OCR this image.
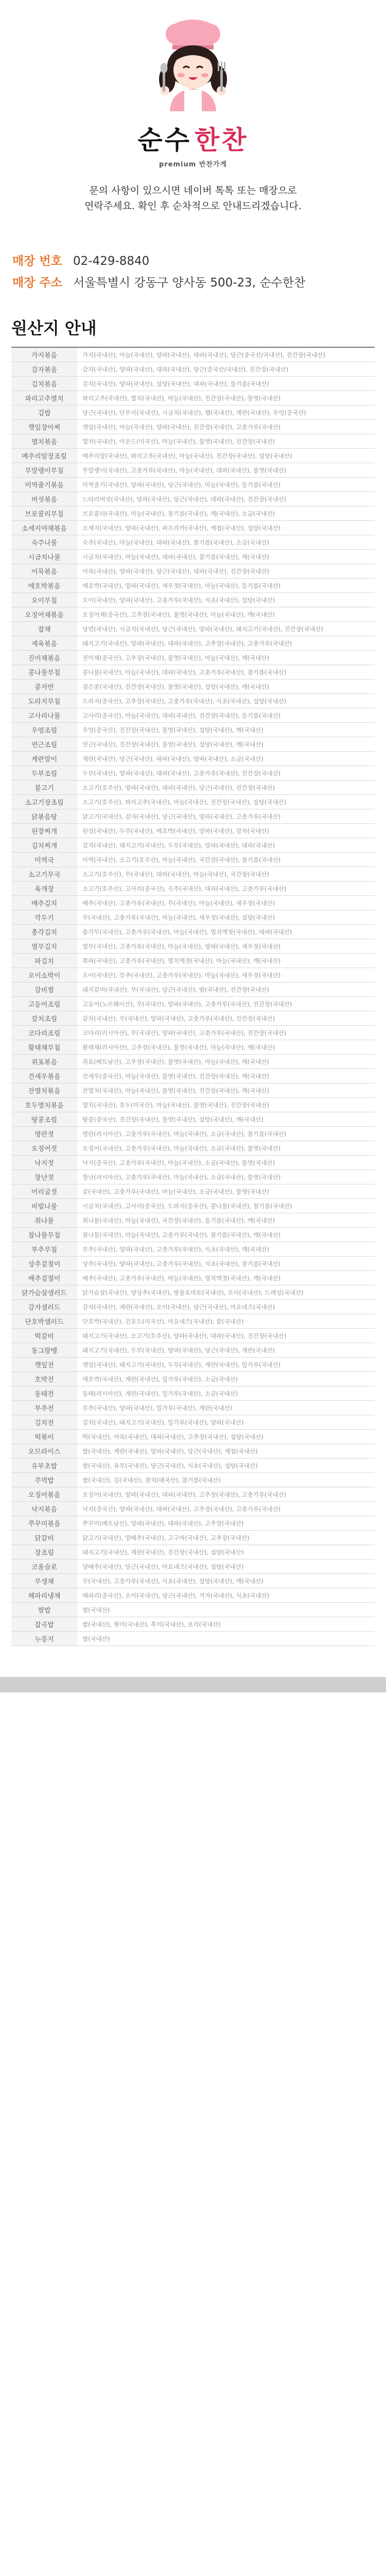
순수 한찬
premium 반찬가게
문의 사항이 있으시면 네이버 톡톡 또는 매장으로
연락주세요. 확인 후 순차적으로 안내드리겠습니다.
매장 번호 02-429-8840
매장 주소 서울특별시 강동구 양사동 500-23, 순수한찬
원산지 안내
가지볶음	가지(국내산), 마늘(국내산), 양파(국내산), 대파(국내산), 당근(중국산/국내산), 진간장(국내산)
감자볶음	감자(국내산), 양파(국내산), 대파(국내산), 당근(중국산/국내산), 진간장(국내산)
김치볶음	김치(국내산), 양파(국내산), 설탕(국내산), 대파(국내산), 들기름(국내산)
꽈리고추멸치	꽈리고추(국내산), 멸치(국내산), 마늘(국내산), 진간장(국내산), 물엿(국내산)
김밥	당근(국내산), 단무지(국내산), 시금치(국내산), 햄(국내산), 계란(국내산), 우엉(중국산)
깻잎장아찌	깻잎(국내산), 마늘(국내산), 양파(국내산), 진간장(국내산), 고춧가루(국내산)
멸치볶음	멸치(국내산), 아몬드(미국산), 마늘(국내산), 물엿(국내산), 진간장(국내산)
메추리알장조림	메추리알(국내산), 꽈리고추(국내산), 마늘(국내산), 진간장(국내산), 설탕(국내산)
무말랭이무침	무말랭이(국내산), 고춧가루(국내산), 마늘(국내산), 대파(국내산), 물엿(국내산)
미역줄기볶음	미역줄기(국내산), 양파(국내산), 당근(국내산), 마늘(국내산), 들기름(국내산)
버섯볶음	느타리버섯(국내산), 양파(국내산), 당근(국내산), 대파(국내산), 진간장(국내산)
브로콜리무침	브로콜리(국내산), 마늘(국내산), 참기름(국내산), 깨(국내산), 소금(국내산)
소세지야채볶음	소세지(국내산), 양파(국내산), 파프리카(국내산), 케첩(국내산), 설탕(국내산)
숙주나물	숙주(국내산), 마늘(국내산), 대파(국내산), 참기름(국내산), 소금(국내산)
시금치나물	시금치(국내산), 마늘(국내산), 대파(국내산), 참기름(국내산), 깨(국내산)
어묵볶음	어묵(국내산), 양파(국내산), 당근(국내산), 대파(국내산), 진간장(국내산)
애호박볶음	애호박(국내산), 양파(국내산), 새우젓(국내산), 마늘(국내산), 들기름(국내산)
오이무침	오이(국내산), 양파(국내산), 고춧가루(국내산), 식초(국내산), 설탕(국내산)
오징어채볶음	오징어채(중국산), 고추장(국내산), 물엿(국내산), 마늘(국내산), 깨(국내산)
잡채	당면(국내산), 시금치(국내산), 당근(국내산), 양파(국내산), 돼지고기(국내산), 진간장(국내산)
제육볶음	돼지고기(국내산), 양파(국내산), 대파(국내산), 고추장(국내산), 고춧가루(국내산)
진미채볶음	진미채(중국산), 고추장(국내산), 물엿(국내산), 마늘(국내산), 깨(국내산)
콩나물무침	콩나물(국내산), 마늘(국내산), 대파(국내산), 고춧가루(국내산), 참기름(국내산)
콩자반	검은콩(국내산), 진간장(국내산), 물엿(국내산), 설탕(국내산), 깨(국내산)
도라지무침	도라지(중국산), 고추장(국내산), 고춧가루(국내산), 식초(국내산), 설탕(국내산)
고사리나물	고사리(중국산), 마늘(국내산), 대파(국내산), 진간장(국내산), 들기름(국내산)
우엉조림	우엉(중국산), 진간장(국내산), 물엿(국내산), 설탕(국내산), 깨(국내산)
연근조림	연근(국내산), 진간장(국내산), 물엿(국내산), 설탕(국내산), 깨(국내산)
계란말이	계란(국내산), 당근(국내산), 대파(국내산), 양파(국내산), 소금(국내산)
두부조림	두부(국내산), 양파(국내산), 대파(국내산), 고춧가루(국내산), 진간장(국내산)
불고기	소고기(호주산), 양파(국내산), 대파(국내산), 당근(국내산), 진간장(국내산)
소고기장조림	소고기(호주산), 꽈리고추(국내산), 마늘(국내산), 진간장(국내산), 설탕(국내산)
닭볶음탕	닭고기(국내산), 감자(국내산), 당근(국내산), 양파(국내산), 고춧가루(국내산)
된장찌개	된장(국내산), 두부(국내산), 애호박(국내산), 양파(국내산), 감자(국내산)
김치찌개	김치(국내산), 돼지고기(국내산), 두부(국내산), 양파(국내산), 대파(국내산)
미역국	미역(국내산), 소고기(호주산), 마늘(국내산), 국간장(국내산), 참기름(국내산)
소고기무국	소고기(호주산), 무(국내산), 대파(국내산), 마늘(국내산), 국간장(국내산)
육개장	소고기(호주산), 고사리(중국산), 숙주(국내산), 대파(국내산), 고춧가루(국내산)
배추김치	배추(국내산), 고춧가루(국내산), 무(국내산), 마늘(국내산), 새우젓(국내산)
깍두기	무(국내산), 고춧가루(국내산), 마늘(국내산), 새우젓(국내산), 설탕(국내산)
총각김치	총각무(국내산), 고춧가루(국내산), 마늘(국내산), 멸치액젓(국내산), 대파(국내산)
열무김치	열무(국내산), 고춧가루(국내산), 마늘(국내산), 양파(국내산), 새우젓(국내산)
파김치	쪽파(국내산), 고춧가루(국내산), 멸치액젓(국내산), 마늘(국내산), 깨(국내산)
오이소박이	오이(국내산), 부추(국내산), 고춧가루(국내산), 마늘(국내산), 새우젓(국내산)
갈비찜	돼지갈비(국내산), 무(국내산), 당근(국내산), 밤(국내산), 진간장(국내산)
고등어조림	고등어(노르웨이산), 무(국내산), 양파(국내산), 고춧가루(국내산), 진간장(국내산)
갈치조림	갈치(국내산), 무(국내산), 양파(국내산), 고춧가루(국내산), 진간장(국내산)
코다리조림	코다리(러시아산), 무(국내산), 양파(국내산), 고춧가루(국내산), 진간장(국내산)
황태채무침	황태채(러시아산), 고추장(국내산), 물엿(국내산), 마늘(국내산), 깨(국내산)
쥐포볶음	쥐포(베트남산), 고추장(국내산), 물엿(국내산), 마늘(국내산), 깨(국내산)
건새우볶음	건새우(중국산), 마늘(국내산), 물엿(국내산), 진간장(국내산), 깨(국내산)
잔멸치볶음	잔멸치(국내산), 마늘(국내산), 물엿(국내산), 진간장(국내산), 깨(국내산)
호두멸치볶음	멸치(국내산), 호두(미국산), 마늘(국내산), 물엿(국내산), 진간장(국내산)
땅콩조림	땅콩(중국산), 진간장(국내산), 물엿(국내산), 설탕(국내산), 깨(국내산)
명란젓	명란(러시아산), 고춧가루(국내산), 마늘(국내산), 소금(국내산), 참기름(국내산)
오징어젓	오징어(국내산), 고춧가루(국내산), 마늘(국내산), 소금(국내산), 물엿(국내산)
낙지젓	낙지(중국산), 고춧가루(국내산), 마늘(국내산), 소금(국내산), 물엿(국내산)
창난젓	창난(러시아산), 고춧가루(국내산), 마늘(국내산), 소금(국내산), 물엿(국내산)
어리굴젓	굴(국내산), 고춧가루(국내산), 마늘(국내산), 소금(국내산), 물엿(국내산)
비빔나물	시금치(국내산), 고사리(중국산), 도라지(중국산), 콩나물(국내산), 참기름(국내산)
취나물	취나물(국내산), 마늘(국내산), 국간장(국내산), 들기름(국내산), 깨(국내산)
참나물무침	참나물(국내산), 마늘(국내산), 고춧가루(국내산), 참기름(국내산), 깨(국내산)
부추무침	부추(국내산), 양파(국내산), 고춧가루(국내산), 식초(국내산), 깨(국내산)
상추겉절이	상추(국내산), 양파(국내산), 고춧가루(국내산), 식초(국내산), 참기름(국내산)
배추겉절이	배추(국내산), 고춧가루(국내산), 마늘(국내산), 멸치액젓(국내산), 깨(국내산)
닭가슴살샐러드	닭가슴살(국내산), 양상추(국내산), 방울토마토(국내산), 오이(국내산), 드레싱(국내산)
감자샐러드	감자(국내산), 계란(국내산), 오이(국내산), 당근(국내산), 마요네즈(국내산)
단호박샐러드	단호박(국내산), 건포도(미국산), 마요네즈(국내산), 꿀(국내산)
떡갈비	돼지고기(국내산), 소고기(호주산), 양파(국내산), 대파(국내산), 진간장(국내산)
동그랑땡	돼지고기(국내산), 두부(국내산), 양파(국내산), 당근(국내산), 계란(국내산)
깻잎전	깻잎(국내산), 돼지고기(국내산), 두부(국내산), 계란(국내산), 밀가루(국내산)
호박전	애호박(국내산), 계란(국내산), 밀가루(국내산), 소금(국내산)
동태전	동태(러시아산), 계란(국내산), 밀가루(국내산), 소금(국내산)
부추전	부추(국내산), 양파(국내산), 밀가루(국내산), 계란(국내산)
김치전	김치(국내산), 돼지고기(국내산), 밀가루(국내산), 양파(국내산)
떡볶이	떡(국내산), 어묵(국내산), 대파(국내산), 고추장(국내산), 설탕(국내산)
오므라이스	쌀(국내산), 계란(국내산), 양파(국내산), 당근(국내산), 케첩(국내산)
유부초밥	쌀(국내산), 유부(국내산), 당근(국내산), 식초(국내산), 설탕(국내산)
주먹밥	쌀(국내산), 김(국내산), 참치(태국산), 참기름(국내산)
오징어볶음	오징어(국내산), 양파(국내산), 대파(국내산), 고추장(국내산), 고춧가루(국내산)
낙지볶음	낙지(중국산), 양파(국내산), 대파(국내산), 고추장(국내산), 고춧가루(국내산)
쭈꾸미볶음	쭈꾸미(베트남산), 양파(국내산), 대파(국내산), 고추장(국내산)
닭갈비	닭고기(국내산), 양배추(국내산), 고구마(국내산), 고추장(국내산)
장조림	돼지고기(국내산), 계란(국내산), 진간장(국내산), 설탕(국내산)
코울슬로	양배추(국내산), 당근(국내산), 마요네즈(국내산), 설탕(국내산)
무생채	무(국내산), 고춧가루(국내산), 식초(국내산), 설탕(국내산), 깨(국내산)
해파리냉채	해파리(중국산), 오이(국내산), 당근(국내산), 겨자(국내산), 식초(국내산)
쌀밥	쌀(국내산)
잡곡밥	쌀(국내산), 현미(국내산), 흑미(국내산), 보리(국내산)
누룽지	쌀(국내산)
